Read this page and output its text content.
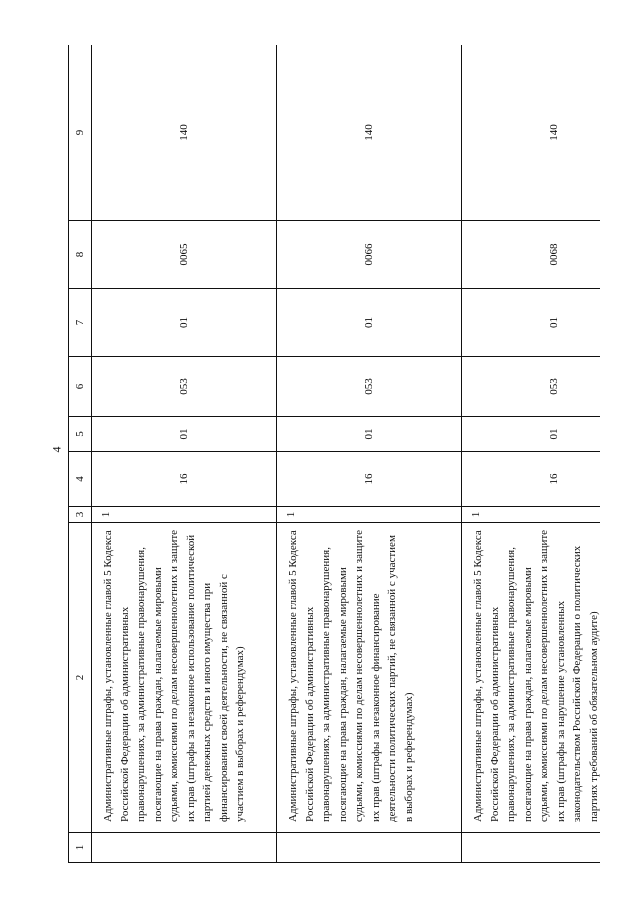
4
1	2	3	4	5	6	7	8	9

	Административные штрафы, установленные главой 5 Кодекса Российской Федерации об административных правонарушениях, за административные правонарушения, посягающие на права граждан, налагаемые мировыми судьями, комиссиями по делам несовершеннолетних и защите их прав (штрафы за незаконное использование политической партией денежных средств и иного имущества при финансировании своей деятельности, не связанной с участием в выборах и референдумах)	1	16	01	053	01	0065	140

	Административные штрафы, установленные главой 5 Кодекса Российской Федерации об административных правонарушениях, за административные правонарушения, посягающие на права граждан, налагаемые мировыми судьями, комиссиями по делам несовершеннолетних и защите их прав (штрафы за незаконное финансирование деятельности политических партий, не связанной с участием в выборах и референдумах)	1	16	01	053	01	0066	140

	Административные штрафы, установленные главой 5 Кодекса Российской Федерации об административных правонарушениях, за административные правонарушения, посягающие на права граждан, налагаемые мировыми судьями, комиссиями по делам несовершеннолетних и защите их прав (штрафы за нарушение установленных законодательством Российской Федерации о политических партиях требований об обязательном аудите)	1	16	01	053	01	0068	140
